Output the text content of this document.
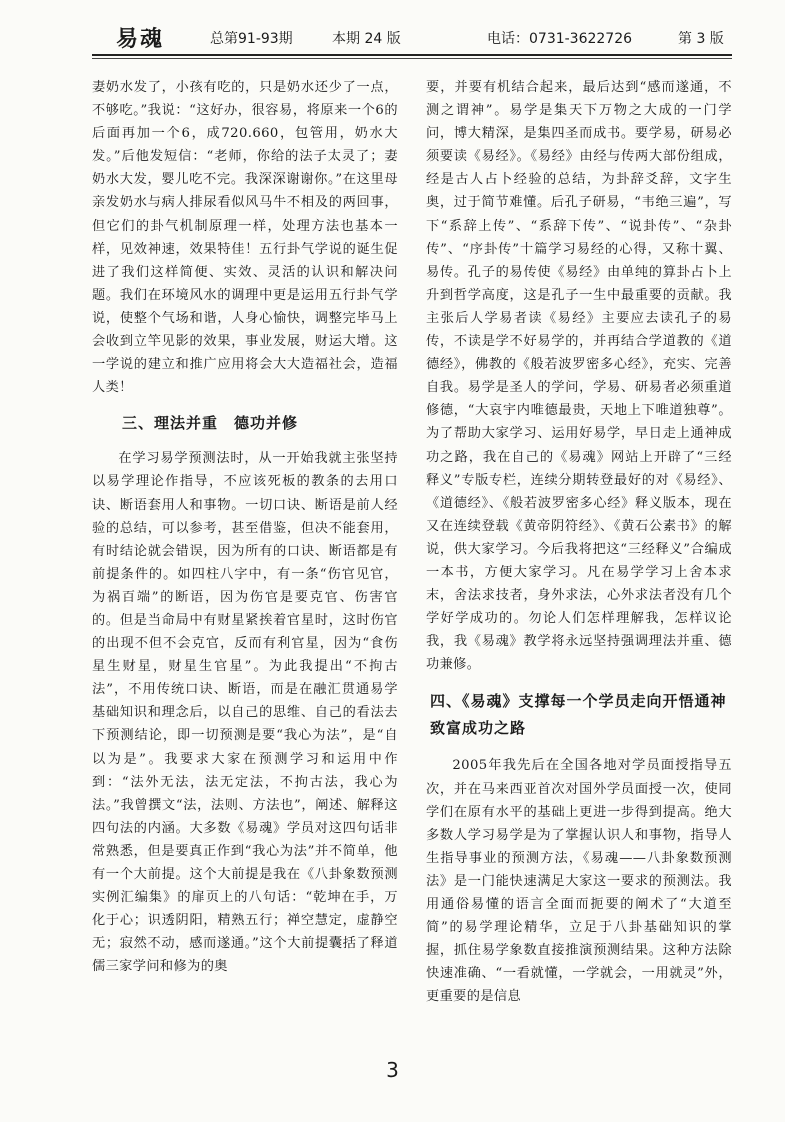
易魂	总第91-93期	本期 24 版	电话：0731-3622726	第 3 版

妻奶水发了，小孩有吃的，只是奶水还少了一点，不够吃。”我说：“这好办，很容易，将原来一个6的后面再加一个6，成720.660，包管用，奶水大发。”后他发短信：“老师，你给的法子太灵了；妻奶水大发，婴儿吃不完。我深深谢谢你。”在这里母亲发奶水与病人排尿看似风马牛不相及的两回事，但它们的卦气机制原理一样，处理方法也基本一样，见效神速，效果特佳！五行卦气学说的诞生促进了我们这样简便、实效、灵活的认识和解决问题。我们在环境风水的调理中更是运用五行卦气学说，使整个气场和谐，人身心愉快，调整完毕马上会收到立竿见影的效果，事业发展，财运大增。这一学说的建立和推广应用将会大大造福社会，造福人类！

三、理法并重　德功并修

在学习易学预测法时，从一开始我就主张坚持以易学理论作指导，不应该死板的教条的去用口诀、断语套用人和事物。一切口诀、断语是前人经验的总结，可以参考，甚至借鉴，但决不能套用，有时结论就会错误，因为所有的口诀、断语都是有前提条件的。如四柱八字中，有一条“伤官见官，为祸百端”的断语，因为伤官是要克官、伤害官的。但是当命局中有财星紧挨着官星时，这时伤官的出现不但不会克官，反而有利官星，因为“食伤星生财星，财星生官星”。为此我提出“不拘古法”，不用传统口诀、断语，而是在融汇贯通易学基础知识和理念后，以自己的思维、自己的看法去下预测结论，即一切预测是要“我心为法”，是“自以为是”。我要求大家在预测学习和运用中作到：“法外无法，法无定法，不拘古法，我心为法。”我曾撰文“法，法则、方法也”，阐述、解释这四句法的内涵。大多数《易魂》学员对这四句话非常熟悉，但是要真正作到“我心为法”并不简单，他有一个大前提。这个大前提是我在《八卦象数预测实例汇编集》的扉页上的八句话：“乾坤在手，万化于心；识透阴阳，精熟五行；禅空慧定，虚静空无；寂然不动，感而遂通。”这个大前提囊括了释道儒三家学问和修为的奥

要，并要有机结合起来，最后达到“感而遂通，不测之谓神”。易学是集天下万物之大成的一门学问，博大精深，是集四圣而成书。要学易，研易必须要读《易经》。《易经》由经与传两大部份组成，经是古人占卜经验的总结，为卦辞爻辞，文字生奥，过于简节难懂。后孔子研易，“韦绝三遍”，写下“系辞上传”、“系辞下传”、“说卦传”、“杂卦传”、“序卦传”十篇学习易经的心得，又称十翼、易传。孔子的易传使《易经》由单纯的算卦占卜上升到哲学高度，这是孔子一生中最重要的贡献。我主张后人学易者读《易经》主要应去读孔子的易传，不读是学不好易学的，并再结合学道教的《道德经》，佛教的《般若波罗密多心经》，充实、完善自我。易学是圣人的学问，学易、研易者必须重道修德，“大哀宇内唯德最贵，天地上下唯道独尊”。为了帮助大家学习、运用好易学，早日走上通神成功之路，我在自己的《易魂》网站上开辟了“三经释义”专版专栏，连续分期转登最好的对《易经》、《道德经》、《般若波罗密多心经》释义版本，现在又在连续登载《黄帝阴符经》、《黄石公素书》的解说，供大家学习。今后我将把这“三经释义”合编成一本书，方便大家学习。凡在易学学习上舍本求末，舍法求技者，身外求法，心外求法者没有几个学好学成功的。勿论人们怎样理解我，怎样议论我，我《易魂》教学将永远坚持强调理法并重、德功兼修。

四、《易魂》支撑每一个学员走向开悟通神致富成功之路

2005年我先后在全国各地对学员面授指导五次，并在马来西亚首次对国外学员面授一次，使同学们在原有水平的基础上更进一步得到提高。绝大多数人学习易学是为了掌握认识人和事物，指导人生指导事业的预测方法，《易魂——八卦象数预测法》是一门能快速满足大家这一要求的预测法。我用通俗易懂的语言全面而扼要的阐术了“大道至简”的易学理论精华，立足于八卦基础知识的掌握，抓住易学象数直接推演预测结果。这种方法除快速准确、“一看就懂，一学就会，一用就灵”外，更重要的是信息

3
